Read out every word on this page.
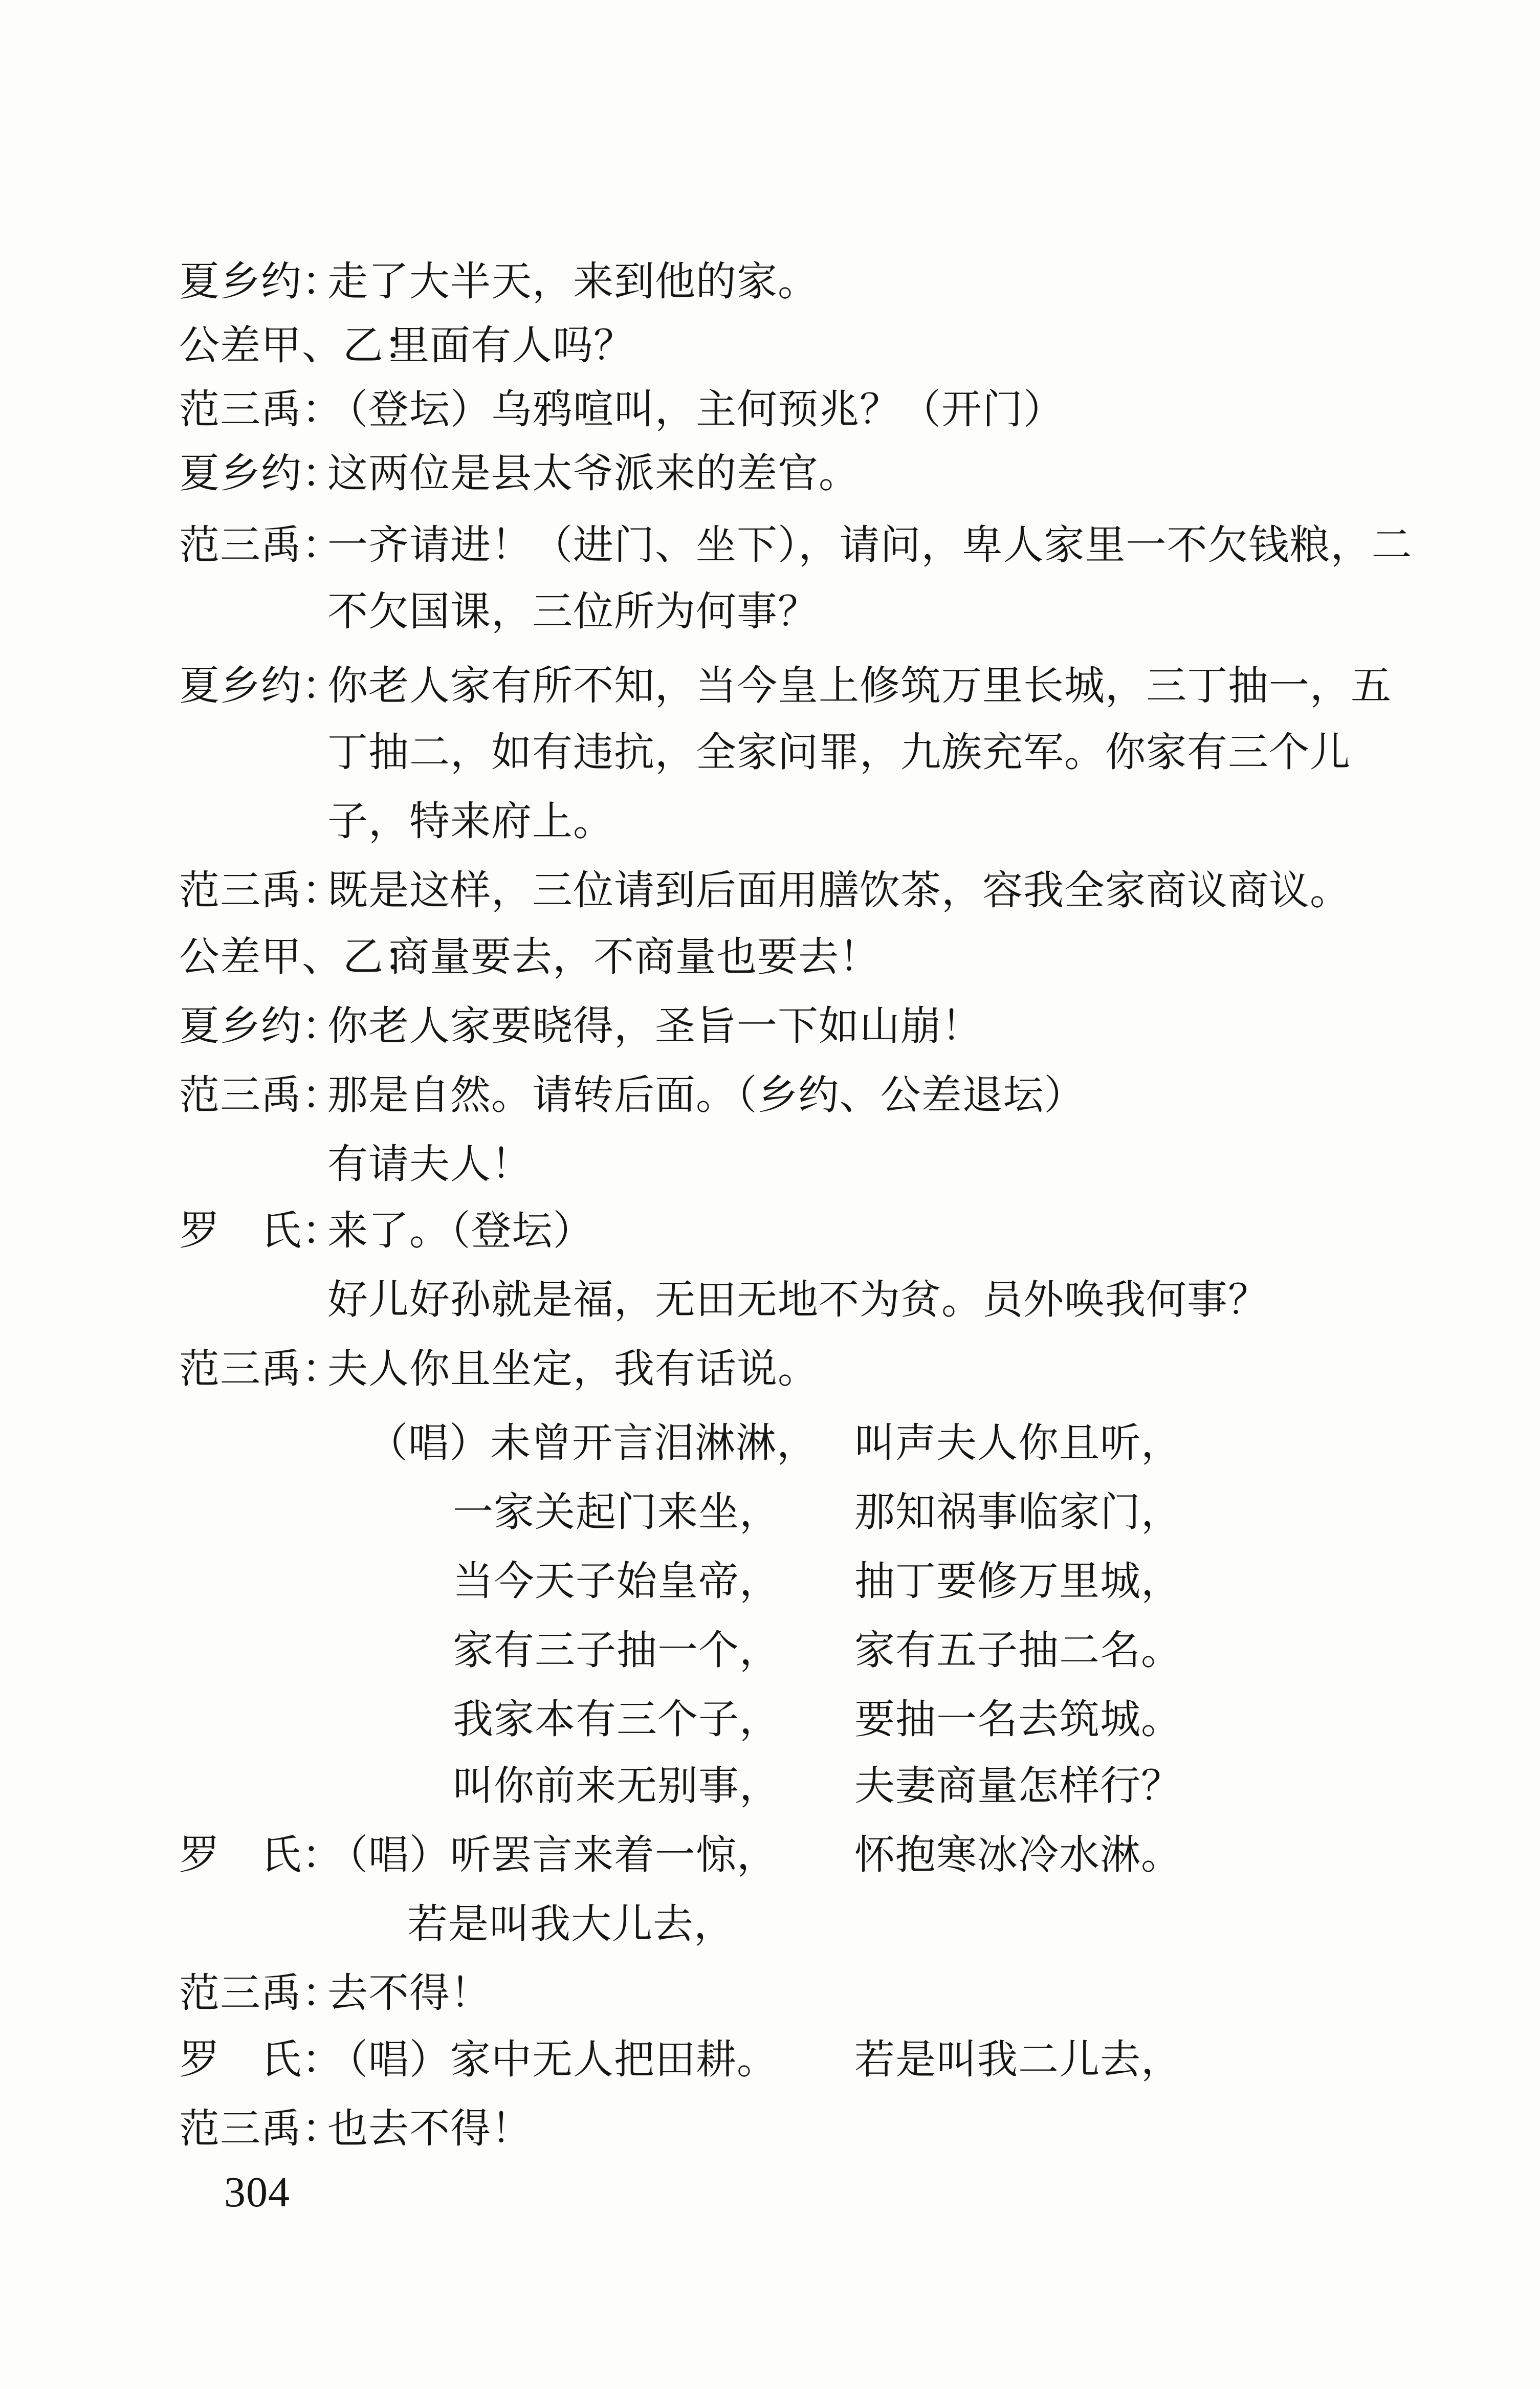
夏乡约：
走了大半天，来到他的家。
公差甲、乙：
里面有人吗？
范三禹：
（登坛）乌鸦喧叫，主何预兆？（开门）
夏乡约：
这两位是县太爷派来的差官。
范三禹：
一齐请进！（进门、坐下），请问，卑人家里一不欠钱粮，二
不欠国课，三位所为何事？
夏乡约：
你老人家有所不知，当今皇上修筑万里长城，三丁抽一，五
丁抽二，如有违抗，全家问罪，九族充军。你家有三个儿
子，特来府上。
范三禹：
既是这样，三位请到后面用膳饮茶，容我全家商议商议。
公差甲、乙：
商量要去，不商量也要去！
夏乡约：
你老人家要晓得，圣旨一下如山崩！
范三禹：
那是自然。请转后面。（乡约、公差退坛）
有请夫人！
罗　氏：
来了。（登坛）
好儿好孙就是福，无田无地不为贫。员外唤我何事？
范三禹：
夫人你且坐定，我有话说。
（唱）未曾开言泪淋淋， 叫声夫人你且听，
一家关起门来坐， 那知祸事临家门，
当今天子始皇帝， 抽丁要修万里城，
家有三子抽一个， 家有五子抽二名。
我家本有三个子， 要抽一名去筑城。
叫你前来无别事， 夫妻商量怎样行？
罗　氏：
（唱）听罢言来着一惊， 怀抱寒冰冷水淋。
若是叫我大儿去，
范三禹：
去不得！
罗　氏：
（唱）家中无人把田耕。 若是叫我二儿去，
范三禹：
也去不得！
304
